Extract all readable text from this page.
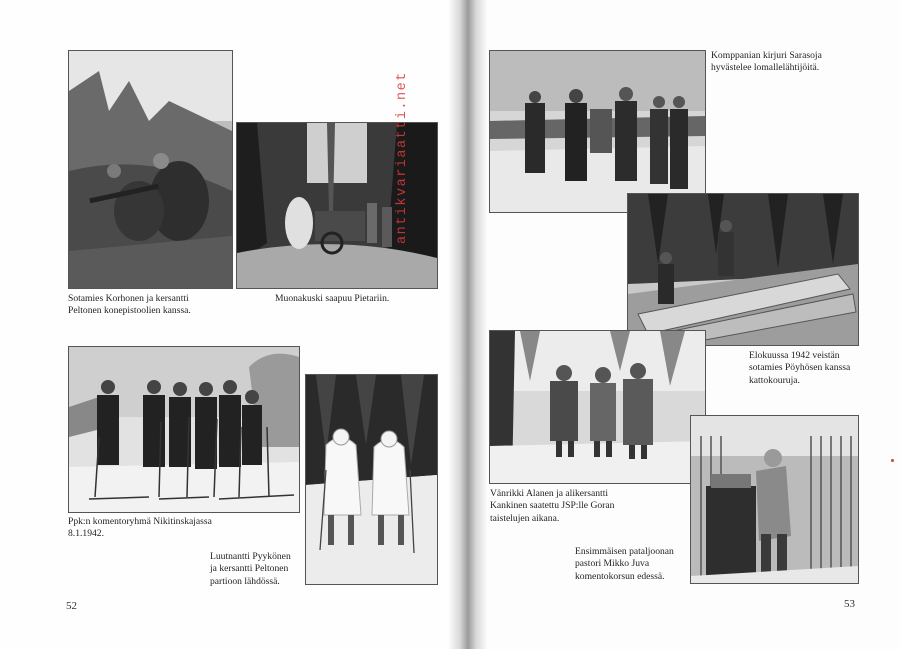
Sotamies Korhonen ja kersantti
Peltonen konepistoolien kanssa.
Muonakuski saapuu Pietariin.
Ppk:n komentoryhmä Nikitinskajassa
8.1.1942.
Luutnantti Pyykönen
ja kersantti Peltonen
partioon lähdössä.
52
antikvariaatti.net
Komppanian kirjuri Sarasoja
hyvästelee lomallelähtijöitä.
Elokuussa 1942 veistän
sotamies Pöyhösen kanssa
kattokouruja.
Vänrikki Alanen ja alikersantti
Kankinen saatettu JSP:lle Goran
taistelujen aikana.
Ensimmäisen pataljoonan
pastori Mikko Juva
komentokorsun edessä.
53
